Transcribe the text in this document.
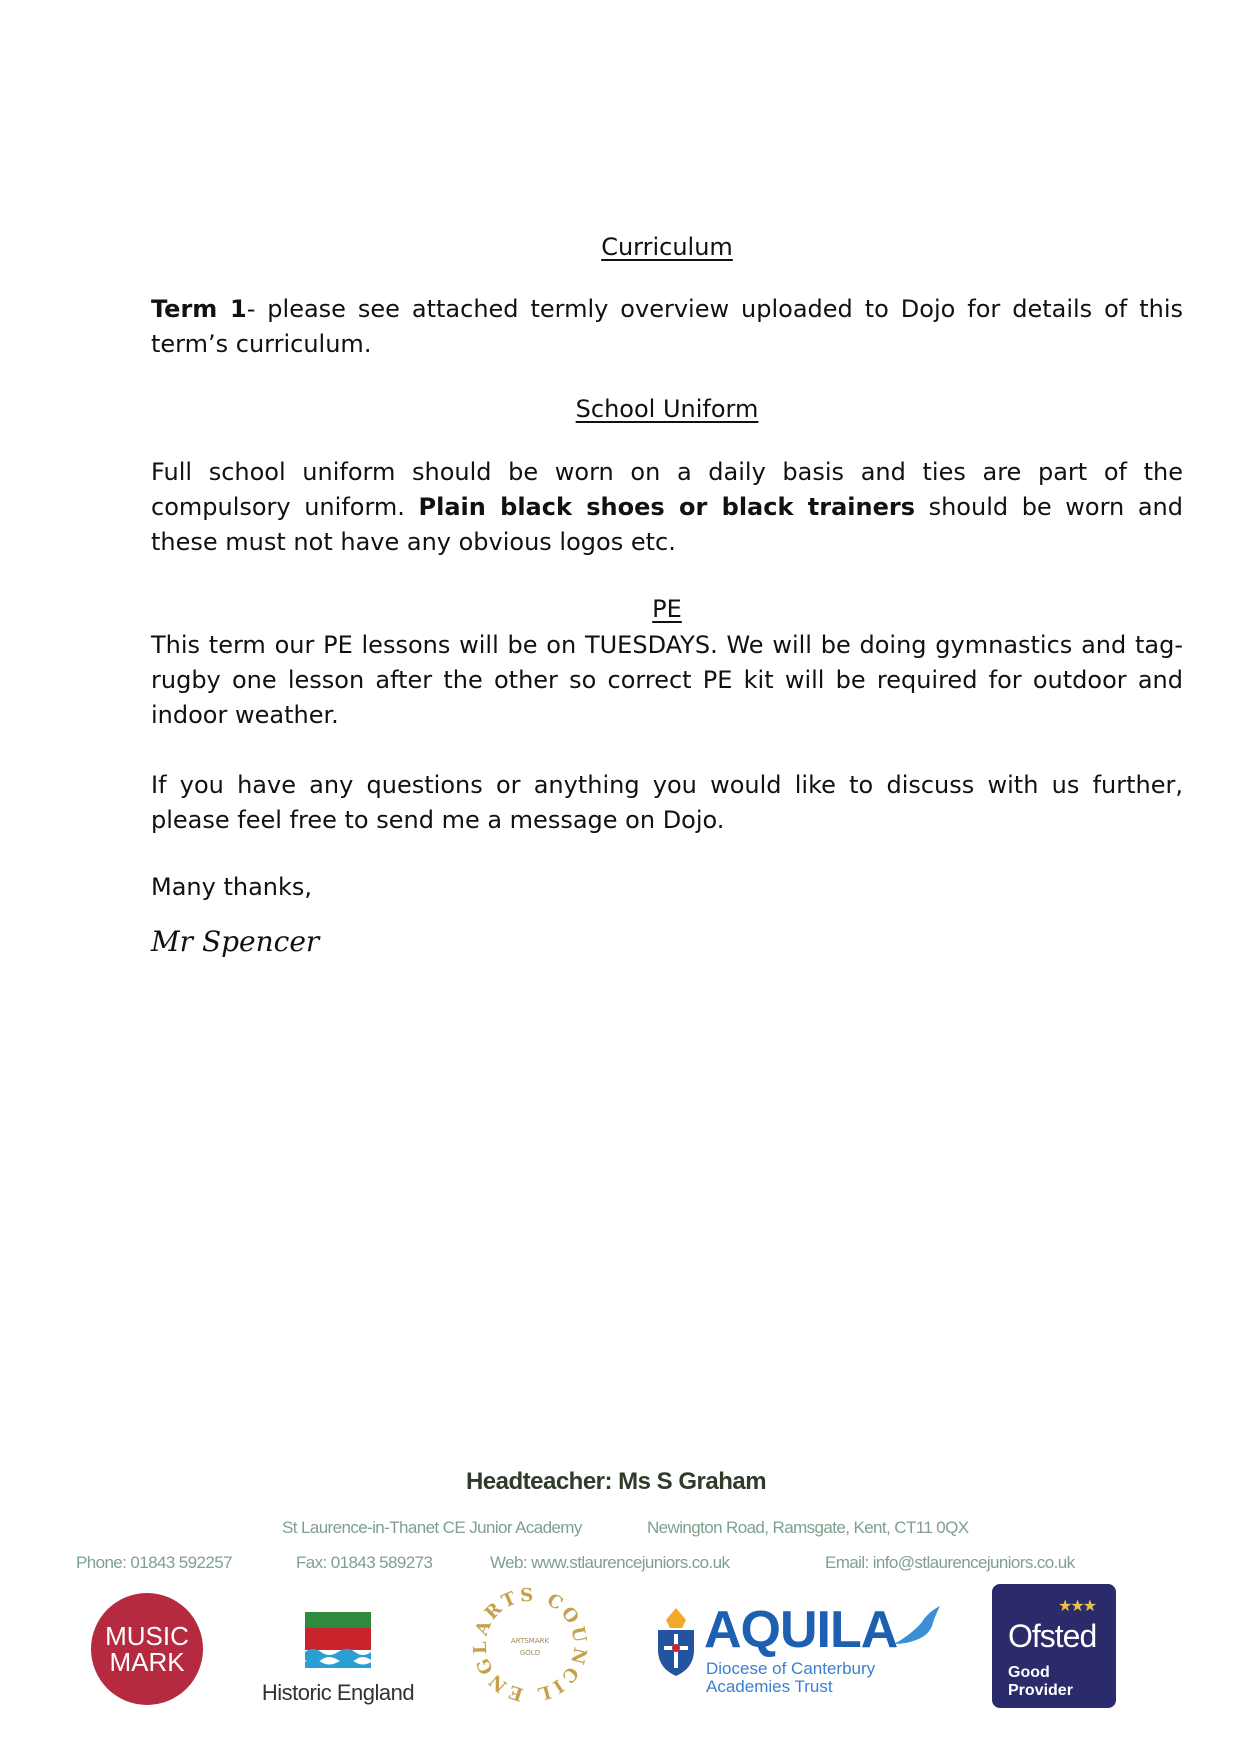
Curriculum
Term 1- please see attached termly overview uploaded to Dojo for details of this term’s curriculum.
School Uniform
Full school uniform should be worn on a daily basis and ties are part of the compulsory uniform. Plain black shoes or black trainers should be worn and these must not have any obvious logos etc.
PE
This term our PE lessons will be on TUESDAYS. We will be doing gymnastics and tag-rugby one lesson after the other so correct PE kit will be required for outdoor and indoor weather.
If you have any questions or anything you would like to discuss with us further, please feel free to send me a message on Dojo.
Many thanks,
Mr Spencer
Headteacher: Ms S Graham
St Laurence-in-Thanet CE Junior Academy	Newington Road, Ramsgate, Kent, CT11 0QX
Phone: 01843 592257	Fax: 01843 589273	Web: www.stlaurencejuniors.co.uk	Email: info@stlaurencejuniors.co.uk
MUSIC
MARK
Historic England
ARTS COUNCIL ENGL	ARTSMARK
GOLD	AQUILA
Diocese of Canterbury
Academies Trust
★★★
Ofsted
Good
Provider
